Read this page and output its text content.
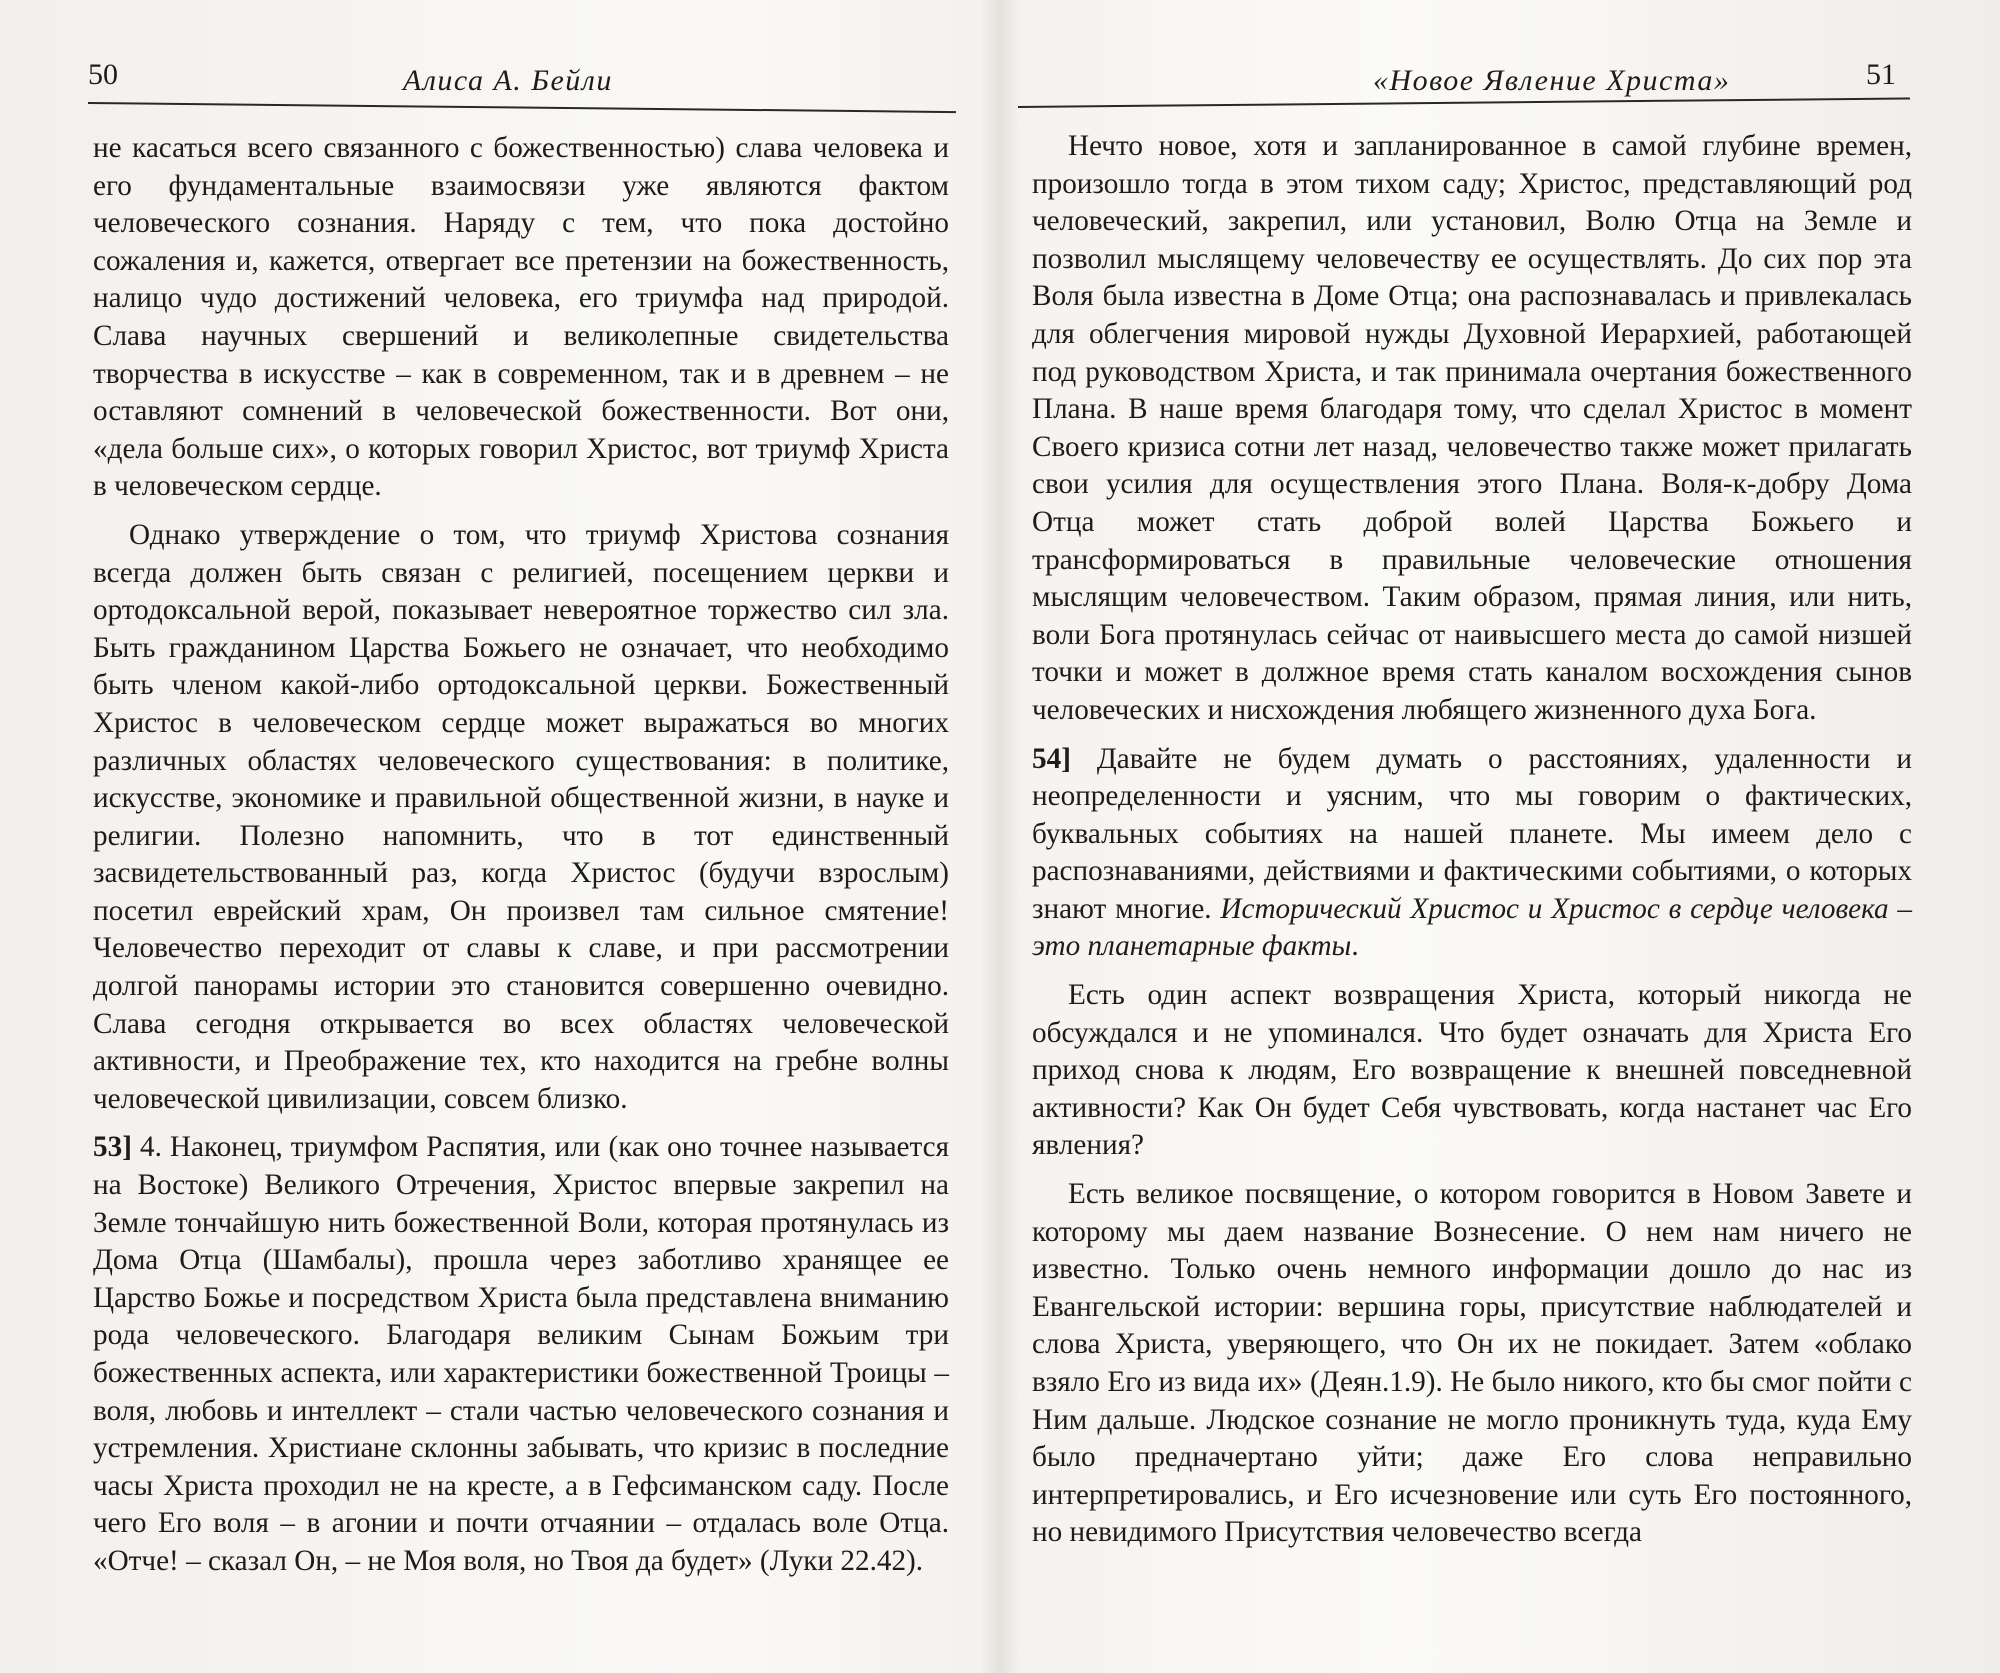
50	Алиса А. Бейли

не касаться всего связанного с божественностью) слава человека и его фундаментальные взаимосвязи уже являются фактом человеческого сознания. Наряду с тем, что пока достойно сожаления и, кажется, отвергает все претензии на божественность, налицо чудо достижений человека, его триумфа над природой. Слава научных свершений и великолепные свидетельства творчества в искусстве – как в современном, так и в древнем – не оставляют сомнений в человеческой божественности. Вот они, «дела больше сих», о которых говорил Христос, вот триумф Христа в человеческом сердце.

Однако утверждение о том, что триумф Христова сознания всегда должен быть связан с религией, посещением церкви и ортодоксальной верой, показывает невероятное торжество сил зла. Быть гражданином Царства Божьего не означает, что необходимо быть членом какой-либо ортодоксальной церкви. Божественный Христос в человеческом сердце может выражаться во многих различных областях человеческого существования: в политике, искусстве, экономике и правильной общественной жизни, в науке и религии. Полезно напомнить, что в тот единственный засвидетельствованный раз, когда Христос (будучи взрослым) посетил еврейский храм, Он произвел там сильное смятение! Человечество переходит от славы к славе, и при рассмотрении долгой панорамы истории это становится совершенно очевидно. Слава сегодня открывается во всех областях человеческой активности, и Преображение тех, кто находится на гребне волны человеческой цивилизации, совсем близко.

53] 4. Наконец, триумфом Распятия, или (как оно точнее называется на Востоке) Великого Отречения, Христос впервые закрепил на Земле тончайшую нить божественной Воли, которая протянулась из Дома Отца (Шамбалы), прошла через заботливо хранящее ее Царство Божье и посредством Христа была представлена вниманию рода человеческого. Благодаря великим Сынам Божьим три божественных аспекта, или характеристики божественной Троицы – воля, любовь и интеллект – стали частью человеческого сознания и устремления. Христиане склонны забывать, что кризис в последние часы Христа проходил не на кресте, а в Гефсиманском саду. После чего Его воля – в агонии и почти отчаянии – отдалась воле Отца. «Отче! – сказал Он, – не Моя воля, но Твоя да будет» (Луки 22.42).

«Новое Явление Христа»	51

Нечто новое, хотя и запланированное в самой глубине времен, произошло тогда в этом тихом саду; Христос, представляющий род человеческий, закрепил, или установил, Волю Отца на Земле и позволил мыслящему человечеству ее осуществлять. До сих пор эта Воля была известна в Доме Отца; она распознавалась и привлекалась для облегчения мировой нужды Духовной Иерархией, работающей под руководством Христа, и так принимала очертания божественного Плана. В наше время благодаря тому, что сделал Христос в момент Своего кризиса сотни лет назад, человечество также может прилагать свои усилия для осуществления этого Плана. Воля-к-добру Дома Отца может стать доброй волей Царства Божьего и трансформироваться в правильные человеческие отношения мыслящим человечеством. Таким образом, прямая линия, или нить, воли Бога протянулась сейчас от наивысшего места до самой низшей точки и может в должное время стать каналом восхождения сынов человеческих и нисхождения любящего жизненного духа Бога.

54] Давайте не будем думать о расстояниях, удаленности и неопределенности и уясним, что мы говорим о фактических, буквальных событиях на нашей планете. Мы имеем дело с распознаваниями, действиями и фактическими событиями, о которых знают многие. Исторический Христос и Христос в сердце человека – это планетарные факты.

Есть один аспект возвращения Христа, который никогда не обсуждался и не упоминался. Что будет означать для Христа Его приход снова к людям, Его возвращение к внешней повседневной активности? Как Он будет Себя чувствовать, когда настанет час Его явления?

Есть великое посвящение, о котором говорится в Новом Завете и которому мы даем название Вознесение. О нем нам ничего не известно. Только очень немного информации дошло до нас из Евангельской истории: вершина горы, присутствие наблюдателей и слова Христа, уверяющего, что Он их не покидает. Затем «облако взяло Его из вида их» (Деян.1.9). Не было никого, кто бы смог пойти с Ним дальше. Людское сознание не могло проникнуть туда, куда Ему было предначертано уйти; даже Его слова неправильно интерпретировались, и Его исчезновение или суть Его постоянного, но невидимого Присутствия человечество всегда
